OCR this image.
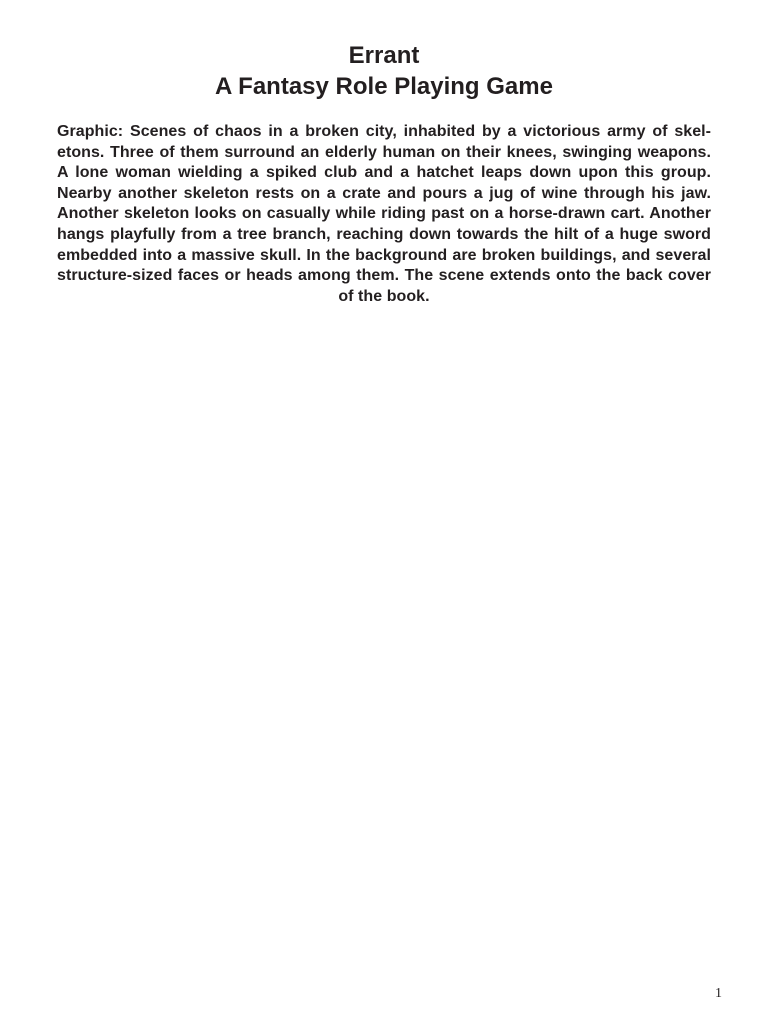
Errant
A Fantasy Role Playing Game

Graphic: Scenes of chaos in a broken city, inhabited by a victorious army of skeletons. Three of them surround an elderly human on their knees, swinging weapons. A lone woman wielding a spiked club and a hatchet leaps down upon this group. Nearby another skeleton rests on a crate and pours a jug of wine through his jaw. Another skeleton looks on casually while riding past on a horse-drawn cart. Another hangs playfully from a tree branch, reaching down towards the hilt of a huge sword embedded into a massive skull. In the background are broken buildings, and several structure-sized faces or heads among them. The scene extends onto the back cover of the book.

1
